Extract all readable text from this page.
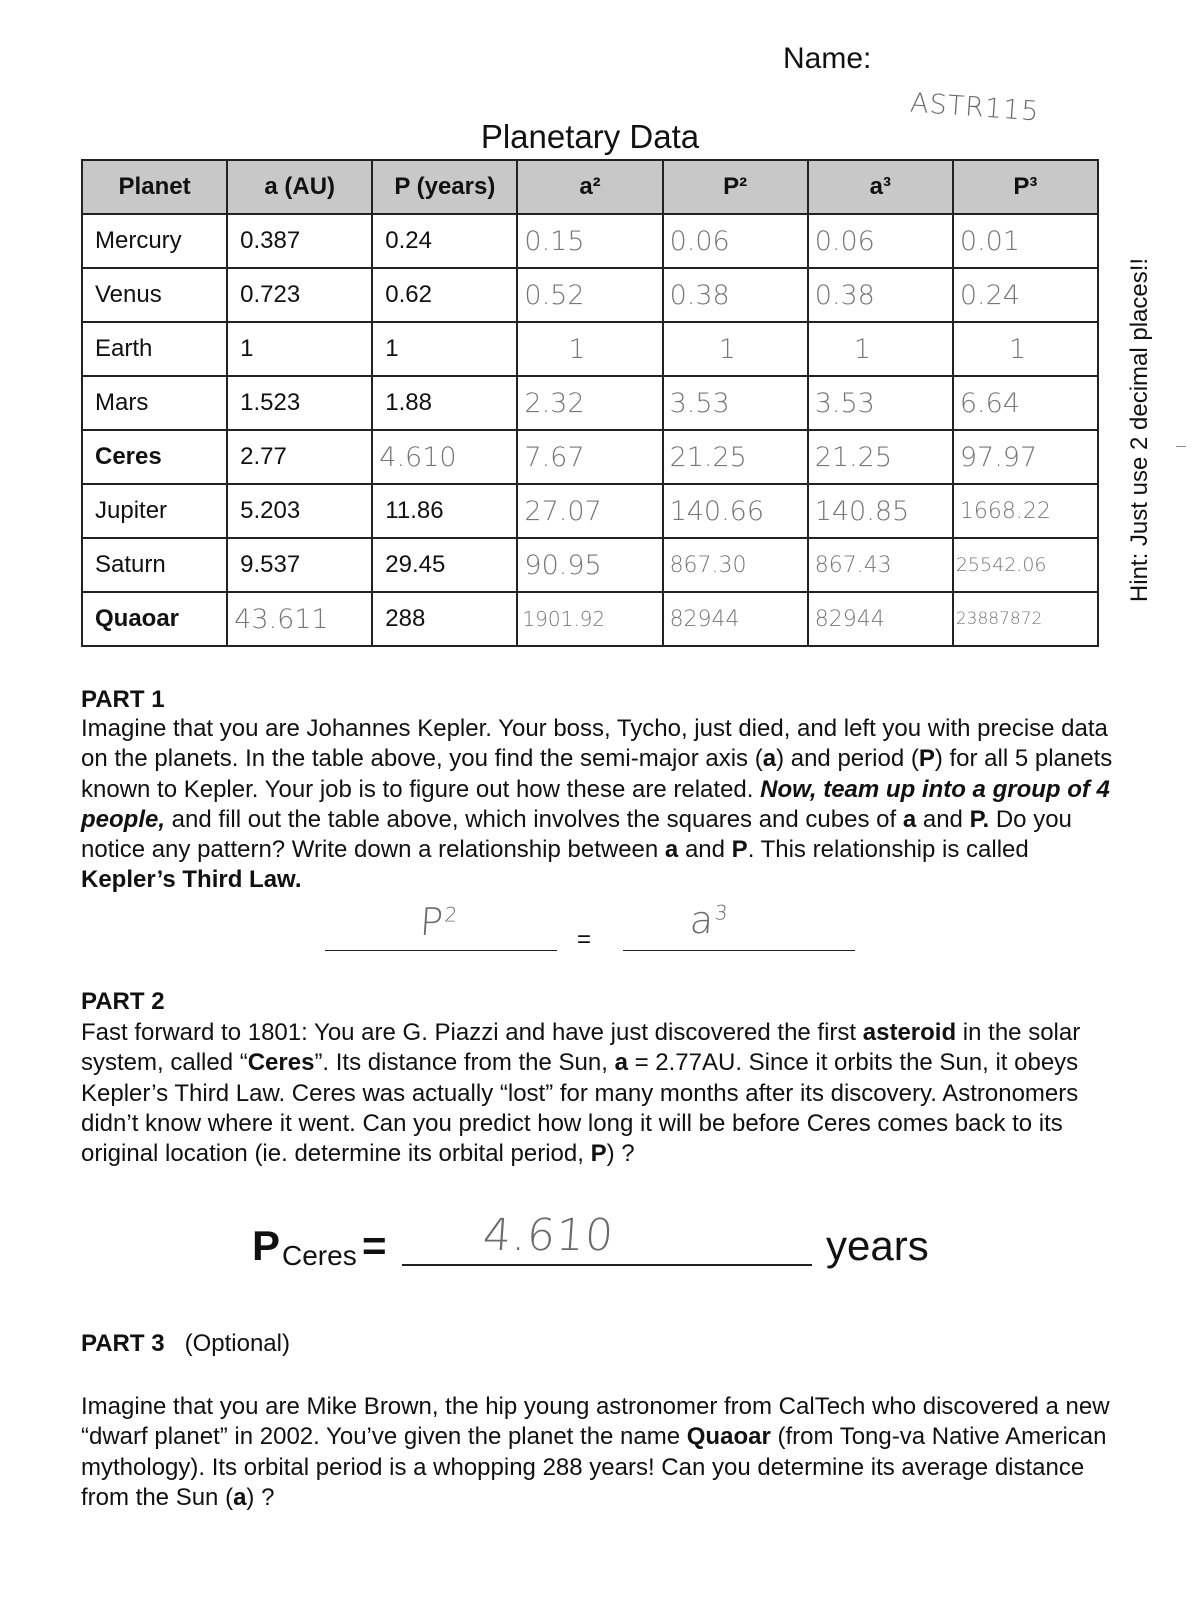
Name:
ASTR115
Planetary Data
Planet	a (AU)	P (years)	a²	P²	a³	P³
Mercury	0.387	0.24	0.15	0.06	0.06	0.01
Venus	0.723	0.62	0.52	0.38	0.38	0.24
Earth	1	1	1	1	1	1
Mars	1.523	1.88	2.32	3.53	3.53	6.64
Ceres	2.77	4.610	7.67	21.25	21.25	97.97
Jupiter	5.203	11.86	27.07	140.66	140.85	1668.22
Saturn	9.537	29.45	90.95	867.30	867.43	25542.06
Quaoar	43.611	288	1901.92	82944	82944	23887872
Hint: Just use 2 decimal places!!
PART 1

Imagine that you are Johannes Kepler. Your boss, Tycho, just died, and left you with precise data on the planets. In the table above, you find the semi-major axis (a) and period (P) for all 5 planets known to Kepler. Your job is to figure out how these are related. Now, team up into a group of 4 people, and fill out the table above, which involves the squares and cubes of a and P. Do you notice any pattern? Write down a relationship between a and P. This relationship is called Kepler’s Third Law.

$P^2$
=	$a^3$
PART 2

Fast forward to 1801: You are G. Piazzi and have just discovered the first asteroid in the solar system, called “Ceres”. Its distance from the Sun, a = 2.77AU. Since it orbits the Sun, it obeys Kepler’s Third Law. Ceres was actually “lost” for many months after its discovery. Astronomers didn’t know where it went. Can you predict how long it will be before Ceres comes back to its original location (ie. determine its orbital period, P) ?

P Ceres = 4.610	years
PART 3 (Optional)

Imagine that you are Mike Brown, the hip young astronomer from CalTech who discovered a new “dwarf planet” in 2002. You’ve given the planet the name Quaoar (from Tong-va Native American mythology). Its orbital period is a whopping 288 years! Can you determine its average distance from the Sun (a) ?
